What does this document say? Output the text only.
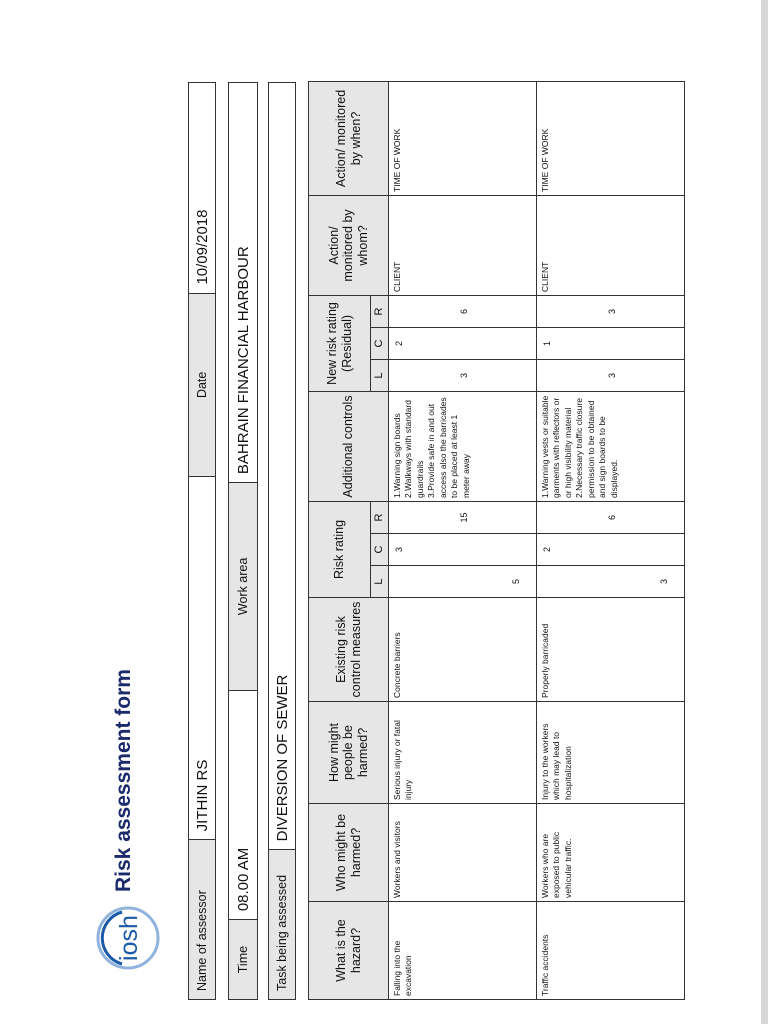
iosh
Risk assessment form
Name of assessor
JITHIN RS
Date
10/09/2018
Time
08.00 AM
Work area
BAHRAIN FINANCIAL HARBOUR
Task being assessed
DIVERSION OF SEWER
What is the hazard?	Who might be harmed?	How might people be harmed?	Existing risk control measures	Risk rating			Additional controls	New risk rating (Residual)			Action/ monitored by whom?	Action/ monitored by when?
				L	C	R		L	C	R		
Falling into the excavation	Workers and visitors	Serious injury or fatal injury	Concrete barriers	5	3	15	1.Warning sign boards 2.Walkways with standard guardrails 3.Provide safe in and out access also the barricades to be placed at least 1 meter away	3	2	6	CLIENT	TIME OF WORK
Traffic accidents	Workers who are exposed to public vehicular traffic.	Injury to the workers which may lead to hospitalization	Properly barricaded	3	2	6	1.Warning vests or suitable garments with reflectors or or high visibility material 2.Necessary traffic closure permission to be obtained and sign boards to be displayed.	3	1	3	CLIENT	TIME OF WORK
